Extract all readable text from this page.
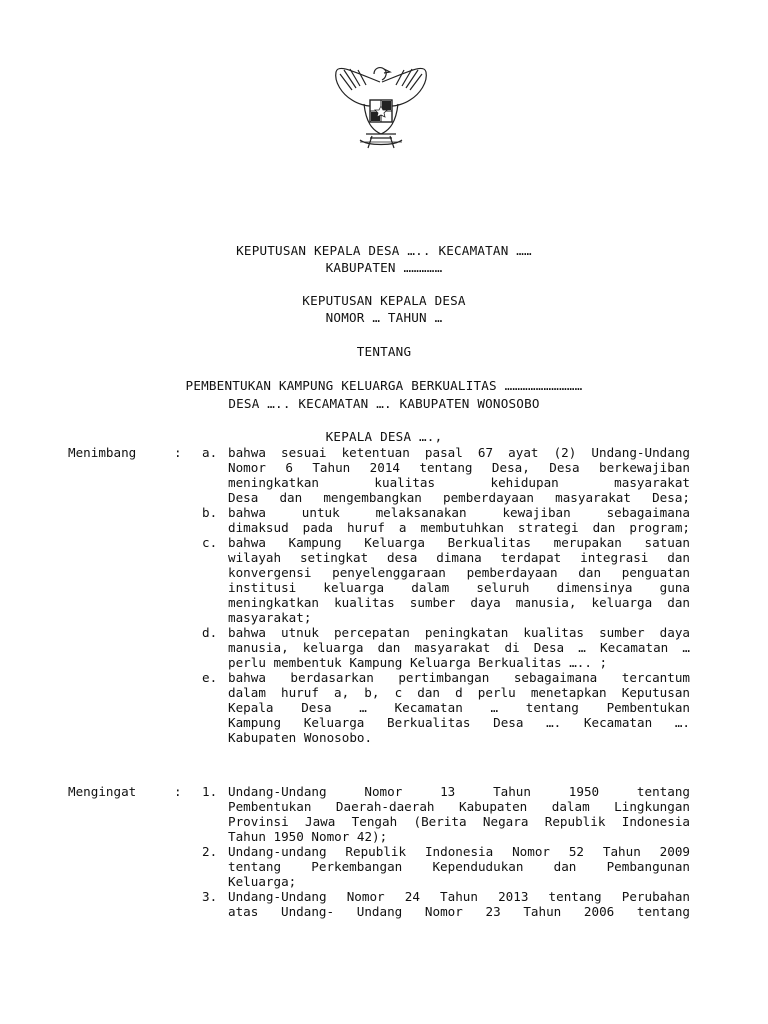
KEPUTUSAN KEPALA DESA ….. KECAMATAN ……
KABUPATEN ……………
KEPUTUSAN KEPALA DESA
NOMOR … TAHUN …
TENTANG
PEMBENTUKAN KAMPUNG KELUARGA BERKUALITAS …………………………
DESA ….. KECAMATAN …. KABUPATEN WONOSOBO
KEPALA DESA ….,
Menimbang	: a. bahwa sesuai ketentuan pasal 67 ayat (2) Undang-Undang
Nomor 6 Tahun 2014 tentang Desa, Desa berkewajiban
meningkatkan kualitas kehidupan masyarakat
Desa dan mengembangkan pemberdayaan masyarakat Desa;
b. bahwa untuk melaksanakan kewajiban sebagaimana
dimaksud pada huruf a membutuhkan strategi dan program;
c. bahwa Kampung Keluarga Berkualitas merupakan satuan
wilayah setingkat desa dimana terdapat integrasi dan
konvergensi penyelenggaraan pemberdayaan dan penguatan
institusi keluarga dalam seluruh dimensinya guna
meningkatkan kualitas sumber daya manusia, keluarga dan
masyarakat;
d. bahwa utnuk percepatan peningkatan kualitas sumber daya
manusia, keluarga dan masyarakat di Desa … Kecamatan …
perlu membentuk Kampung Keluarga Berkualitas ….. ;
e. bahwa berdasarkan pertimbangan sebagaimana tercantum
dalam huruf a, b, c dan d perlu menetapkan Keputusan
Kepala Desa … Kecamatan … tentang Pembentukan
Kampung Keluarga Berkualitas Desa …. Kecamatan ….
Kabupaten Wonosobo.
Mengingat	: 1. Undang-Undang Nomor 13 Tahun 1950 tentang
Pembentukan Daerah-daerah Kabupaten dalam Lingkungan
Provinsi Jawa Tengah (Berita Negara Republik Indonesia
Tahun 1950 Nomor 42);
2. Undang-undang Republik Indonesia Nomor 52 Tahun 2009
tentang Perkembangan Kependudukan dan Pembangunan
Keluarga;
3. Undang-Undang Nomor 24 Tahun 2013 tentang Perubahan
atas Undang- Undang Nomor 23 Tahun 2006 tentang
